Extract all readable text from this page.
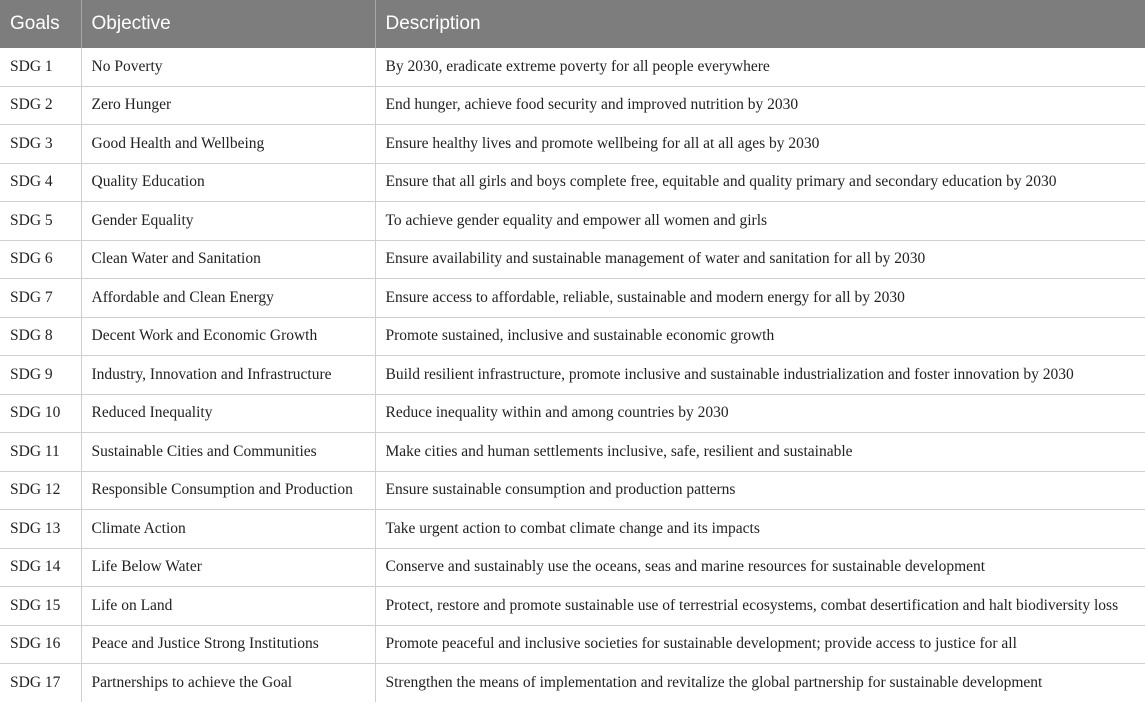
Goals	Objective	Description
SDG 1	No Poverty	By 2030, eradicate extreme poverty for all people everywhere
SDG 2	Zero Hunger	End hunger, achieve food security and improved nutrition by 2030
SDG 3	Good Health and Wellbeing	Ensure healthy lives and promote wellbeing for all at all ages by 2030
SDG 4	Quality Education	Ensure that all girls and boys complete free, equitable and quality primary and secondary education by 2030
SDG 5	Gender Equality	To achieve gender equality and empower all women and girls
SDG 6	Clean Water and Sanitation	Ensure availability and sustainable management of water and sanitation for all by 2030
SDG 7	Affordable and Clean Energy	Ensure access to affordable, reliable, sustainable and modern energy for all by 2030
SDG 8	Decent Work and Economic Growth	Promote sustained, inclusive and sustainable economic growth
SDG 9	Industry, Innovation and Infrastructure	Build resilient infrastructure, promote inclusive and sustainable industrialization and foster innovation by 2030
SDG 10	Reduced Inequality	Reduce inequality within and among countries by 2030
SDG 11	Sustainable Cities and Communities	Make cities and human settlements inclusive, safe, resilient and sustainable
SDG 12	Responsible Consumption and Production	Ensure sustainable consumption and production patterns
SDG 13	Climate Action	Take urgent action to combat climate change and its impacts
SDG 14	Life Below Water	Conserve and sustainably use the oceans, seas and marine resources for sustainable development
SDG 15	Life on Land	Protect, restore and promote sustainable use of terrestrial ecosystems, combat desertification and halt biodiversity loss
SDG 16	Peace and Justice Strong Institutions	Promote peaceful and inclusive societies for sustainable development; provide access to justice for all
SDG 17	Partnerships to achieve the Goal	Strengthen the means of implementation and revitalize the global partnership for sustainable development
